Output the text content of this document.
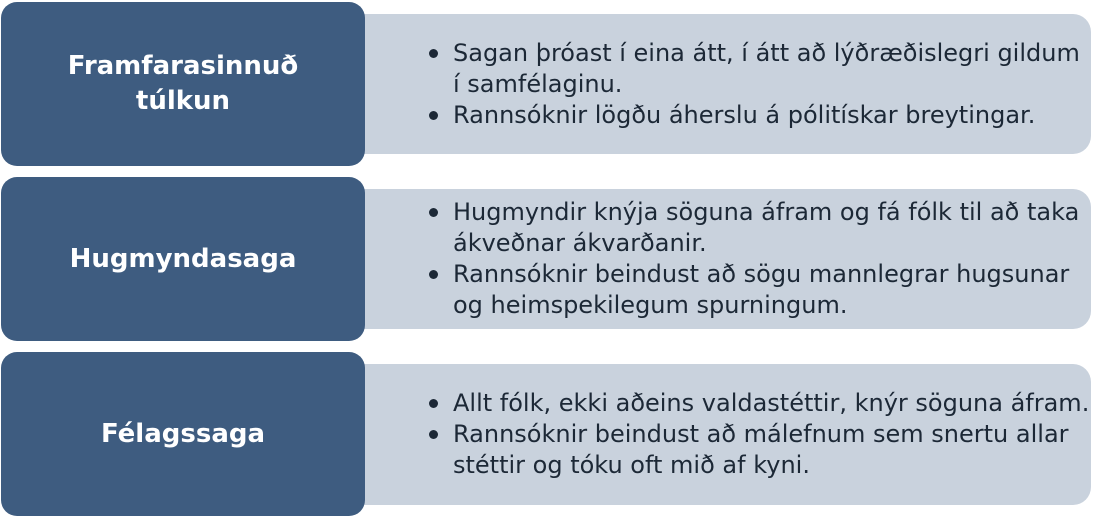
Sagan þróast í eina átt, í átt að lýðræðislegri gildum í samfélaginu.
Rannsóknir lögðu áherslu á pólitískar breytingar.
Framfarasinnuð túlkun
Hugmyndir knýja söguna áfram og fá fólk til að taka ákveðnar ákvarðanir.
Rannsóknir beindust að sögu mannlegrar hugsunar og heimspekilegum spurningum.
Hugmyndasaga
Allt fólk, ekki aðeins valdastéttir, knýr söguna áfram.
Rannsóknir beindust að málefnum sem snertu allar stéttir og tóku oft mið af kyni.
Félagssaga
